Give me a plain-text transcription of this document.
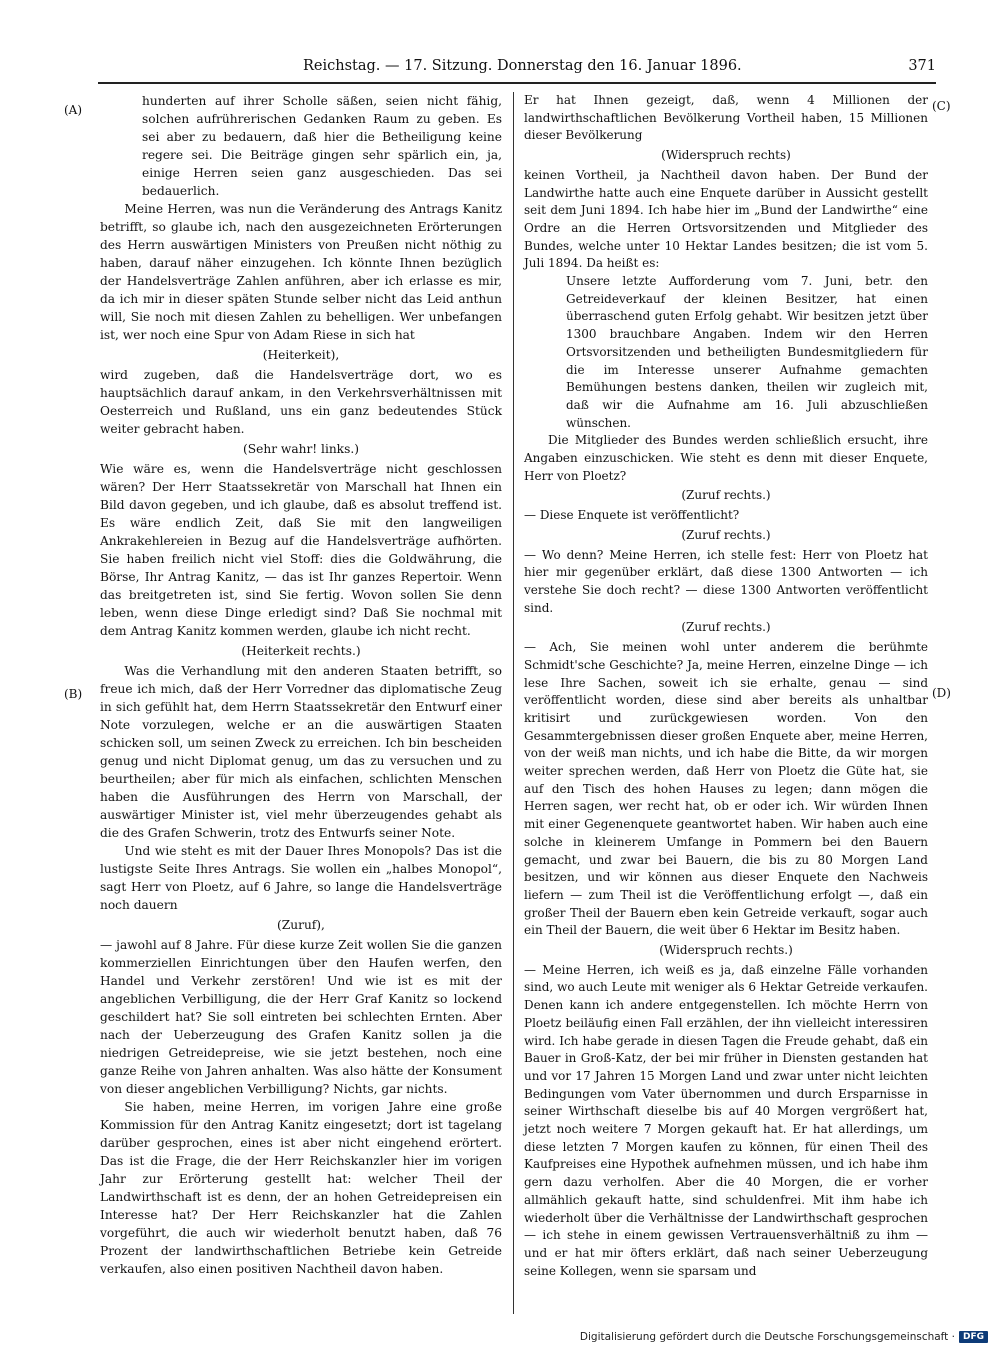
Reichstag. — 17. Sitzung. Donnerstag den 16. Januar 1896.	371
(A)
(B)
(C)
(D)

hunderten auf ihrer Scholle säßen, seien nicht fähig, solchen aufrührerischen Gedanken Raum zu geben. Es sei aber zu bedauern, daß hier die Betheiligung keine regere sei. Die Beiträge gingen sehr spärlich ein, ja, einige Herren seien ganz ausgeschieden. Das sei bedauerlich.

Meine Herren, was nun die Veränderung des Antrags Kanitz betrifft, so glaube ich, nach den ausgezeichneten Erörterungen des Herrn auswärtigen Ministers von Preußen nicht nöthig zu haben, darauf näher einzugehen. Ich könnte Ihnen bezüglich der Handelsverträge Zahlen anführen, aber ich erlasse es mir, da ich mir in dieser späten Stunde selber nicht das Leid anthun will, Sie noch mit diesen Zahlen zu behelligen. Wer unbefangen ist, wer noch eine Spur von Adam Riese in sich hat

(Heiterkeit),

wird zugeben, daß die Handelsverträge dort, wo es hauptsächlich darauf ankam, in den Verkehrsverhältnissen mit Oesterreich und Rußland, uns ein ganz bedeutendes Stück weiter gebracht haben.

(Sehr wahr! links.)

Wie wäre es, wenn die Handelsverträge nicht geschlossen wären? Der Herr Staatssekretär von Marschall hat Ihnen ein Bild davon gegeben, und ich glaube, daß es absolut treffend ist. Es wäre endlich Zeit, daß Sie mit den langweiligen Ankrakehlereien in Bezug auf die Handelsverträge aufhörten. Sie haben freilich nicht viel Stoff: dies die Goldwährung, die Börse, Ihr Antrag Kanitz, — das ist Ihr ganzes Repertoir. Wenn das breitgetreten ist, sind Sie fertig. Wovon sollen Sie denn leben, wenn diese Dinge erledigt sind? Daß Sie nochmal mit dem Antrag Kanitz kommen werden, glaube ich nicht recht.

(Heiterkeit rechts.)

Was die Verhandlung mit den anderen Staaten betrifft, so freue ich mich, daß der Herr Vorredner das diplomatische Zeug in sich gefühlt hat, dem Herrn Staatssekretär den Entwurf einer Note vorzulegen, welche er an die auswärtigen Staaten schicken soll, um seinen Zweck zu erreichen. Ich bin bescheiden genug und nicht Diplomat genug, um das zu versuchen und zu beurtheilen; aber für mich als einfachen, schlichten Menschen haben die Ausführungen des Herrn von Marschall, der auswärtiger Minister ist, viel mehr überzeugendes gehabt als die des Grafen Schwerin, trotz des Entwurfs seiner Note.

Und wie steht es mit der Dauer Ihres Monopols? Das ist die lustigste Seite Ihres Antrags. Sie wollen ein „halbes Monopol“, sagt Herr von Ploetz, auf 6 Jahre, so lange die Handelsverträge noch dauern

(Zuruf),

— jawohl auf 8 Jahre. Für diese kurze Zeit wollen Sie die ganzen kommerziellen Einrichtungen über den Haufen werfen, den Handel und Verkehr zerstören! Und wie ist es mit der angeblichen Verbilligung, die der Herr Graf Kanitz so lockend geschildert hat? Sie soll eintreten bei schlechten Ernten. Aber nach der Ueberzeugung des Grafen Kanitz sollen ja die niedrigen Getreidepreise, wie sie jetzt bestehen, noch eine ganze Reihe von Jahren anhalten. Was also hätte der Konsument von dieser angeblichen Verbilligung? Nichts, gar nichts.

Sie haben, meine Herren, im vorigen Jahre eine große Kommission für den Antrag Kanitz eingesetzt; dort ist tagelang darüber gesprochen, eines ist aber nicht eingehend erörtert. Das ist die Frage, die der Herr Reichskanzler hier im vorigen Jahr zur Erörterung gestellt hat: welcher Theil der Landwirthschaft ist es denn, der an hohen Getreidepreisen ein Interesse hat? Der Herr Reichskanzler hat die Zahlen vorgeführt, die auch wir wiederholt benutzt haben, daß 76 Prozent der landwirthschaftlichen Betriebe kein Getreide verkaufen, also einen positiven Nachtheil davon haben.

Er hat Ihnen gezeigt, daß, wenn 4 Millionen der landwirthschaftlichen Bevölkerung Vortheil haben, 15 Millionen dieser Bevölkerung

(Widerspruch rechts)

keinen Vortheil, ja Nachtheil davon haben. Der Bund der Landwirthe hatte auch eine Enquete darüber in Aussicht gestellt seit dem Juni 1894. Ich habe hier im „Bund der Landwirthe“ eine Ordre an die Herren Ortsvorsitzenden und Mitglieder des Bundes, welche unter 10 Hektar Landes besitzen; die ist vom 5. Juli 1894. Da heißt es:

Unsere letzte Aufforderung vom 7. Juni, betr. den Getreideverkauf der kleinen Besitzer, hat einen überraschend guten Erfolg gehabt. Wir besitzen jetzt über 1300 brauchbare Angaben. Indem wir den Herren Ortsvorsitzenden und betheiligten Bundesmitgliedern für die im Interesse unserer Aufnahme gemachten Bemühungen bestens danken, theilen wir zugleich mit, daß wir die Aufnahme am 16. Juli abzuschließen wünschen.

Die Mitglieder des Bundes werden schließlich ersucht, ihre Angaben einzuschicken. Wie steht es denn mit dieser Enquete, Herr von Ploetz?

(Zuruf rechts.)

— Diese Enquete ist veröffentlicht?

(Zuruf rechts.)

— Wo denn? Meine Herren, ich stelle fest: Herr von Ploetz hat hier mir gegenüber erklärt, daß diese 1300 Antworten — ich verstehe Sie doch recht? — diese 1300 Antworten veröffentlicht sind.

(Zuruf rechts.)

— Ach, Sie meinen wohl unter anderem die berühmte Schmidt'sche Geschichte? Ja, meine Herren, einzelne Dinge — ich lese Ihre Sachen, soweit ich sie erhalte, genau — sind veröffentlicht worden, diese sind aber bereits als unhaltbar kritisirt und zurückgewiesen worden. Von den Gesammtergebnissen dieser großen Enquete aber, meine Herren, von der weiß man nichts, und ich habe die Bitte, da wir morgen weiter sprechen werden, daß Herr von Ploetz die Güte hat, sie auf den Tisch des hohen Hauses zu legen; dann mögen die Herren sagen, wer recht hat, ob er oder ich. Wir würden Ihnen mit einer Gegenenquete geantwortet haben. Wir haben auch eine solche in kleinerem Umfange in Pommern bei den Bauern gemacht, und zwar bei Bauern, die bis zu 80 Morgen Land besitzen, und wir können aus dieser Enquete den Nachweis liefern — zum Theil ist die Veröffentlichung erfolgt —, daß ein großer Theil der Bauern eben kein Getreide verkauft, sogar auch ein Theil der Bauern, die weit über 6 Hektar im Besitz haben.

(Widerspruch rechts.)

— Meine Herren, ich weiß es ja, daß einzelne Fälle vorhanden sind, wo auch Leute mit weniger als 6 Hektar Getreide verkaufen. Denen kann ich andere entgegenstellen. Ich möchte Herrn von Ploetz beiläufig einen Fall erzählen, der ihn vielleicht interessiren wird. Ich habe gerade in diesen Tagen die Freude gehabt, daß ein Bauer in Groß-Katz, der bei mir früher in Diensten gestanden hat und vor 17 Jahren 15 Morgen Land und zwar unter nicht leichten Bedingungen vom Vater übernommen und durch Ersparnisse in seiner Wirthschaft dieselbe bis auf 40 Morgen vergrößert hat, jetzt noch weitere 7 Morgen gekauft hat. Er hat allerdings, um diese letzten 7 Morgen kaufen zu können, für einen Theil des Kaufpreises eine Hypothek aufnehmen müssen, und ich habe ihm gern dazu verholfen. Aber die 40 Morgen, die er vorher allmählich gekauft hatte, sind schuldenfrei. Mit ihm habe ich wiederholt über die Verhältnisse der Landwirthschaft gesprochen — ich stehe in einem gewissen Vertrauensverhältniß zu ihm — und er hat mir öfters erklärt, daß nach seiner Ueberzeugung seine Kollegen, wenn sie sparsam und

Digitalisierung gefördert durch die Deutsche Forschungsgemeinschaft · DFG
